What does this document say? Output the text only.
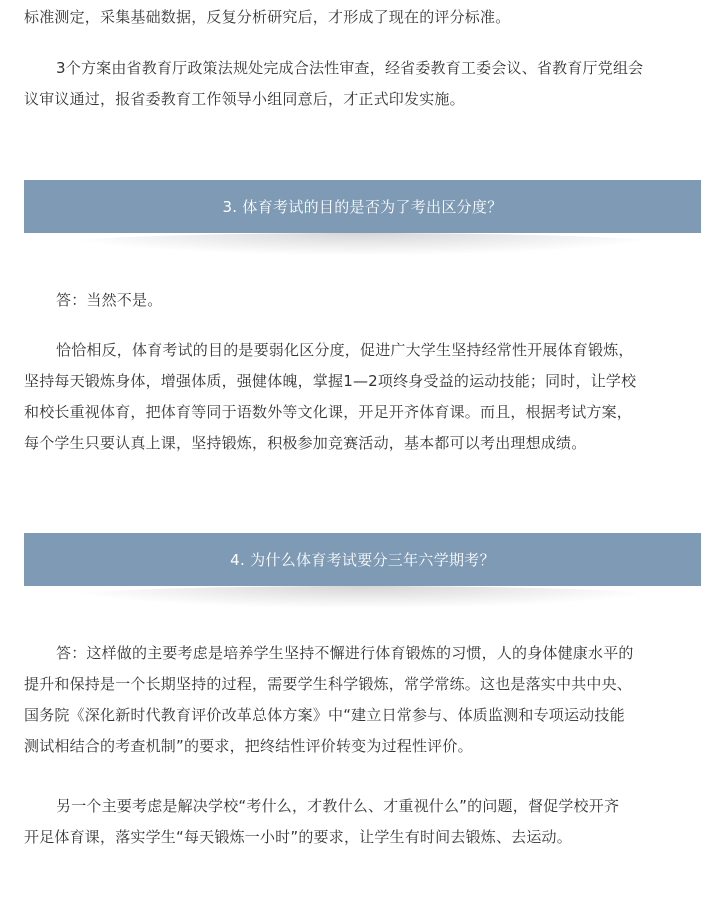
标准测定，采集基础数据，反复分析研究后，才形成了现在的评分标准。
3个方案由省教育厅政策法规处完成合法性审查，经省委教育工委会议、省教育厅党组会
议审议通过，报省委教育工作领导小组同意后，才正式印发实施。
3. 体育考试的目的是否为了考出区分度？
答：当然不是。
恰恰相反，体育考试的目的是要弱化区分度，促进广大学生坚持经常性开展体育锻炼，
坚持每天锻炼身体，增强体质，强健体魄，掌握1—2项终身受益的运动技能；同时，让学校
和校长重视体育，把体育等同于语数外等文化课，开足开齐体育课。而且，根据考试方案，
每个学生只要认真上课，坚持锻炼，积极参加竞赛活动，基本都可以考出理想成绩。
4. 为什么体育考试要分三年六学期考？
答：这样做的主要考虑是培养学生坚持不懈进行体育锻炼的习惯，人的身体健康水平的
提升和保持是一个长期坚持的过程，需要学生科学锻炼，常学常练。这也是落实中共中央、
国务院《深化新时代教育评价改革总体方案》中“建立日常参与、体质监测和专项运动技能
测试相结合的考查机制”的要求，把终结性评价转变为过程性评价。
另一个主要考虑是解决学校“考什么，才教什么、才重视什么”的问题，督促学校开齐
开足体育课，落实学生“每天锻炼一小时”的要求，让学生有时间去锻炼、去运动。
